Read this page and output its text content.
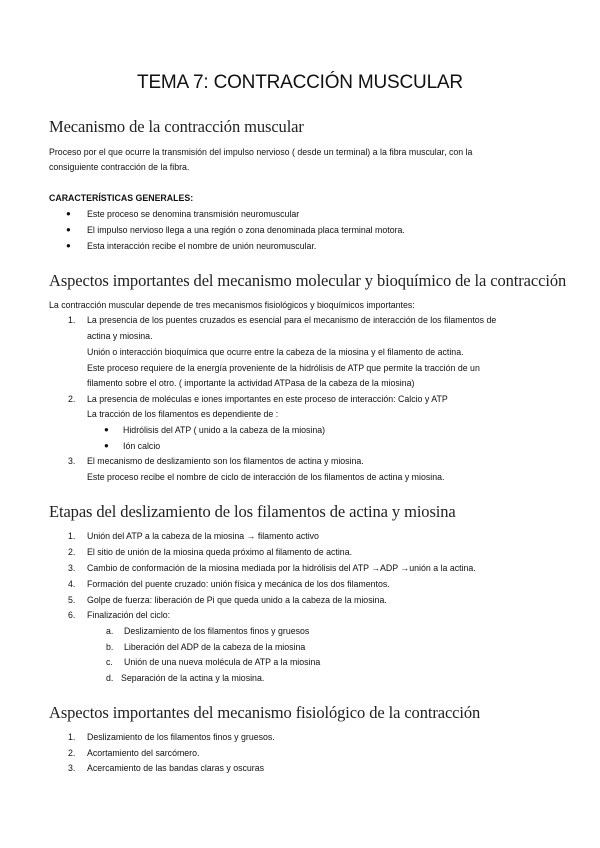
TEMA 7: CONTRACCIÓN MUSCULAR
Mecanismo de la contracción muscular
Proceso por el que ocurre la transmisión del impulso nervioso ( desde un terminal) a la fibra muscular, con la
consiguiente contracción de la fibra.
CARACTERÍSTICAS GENERALES:
● Este proceso se denomina transmisión neuromuscular
● El impulso nervioso llega a una región o zona denominada placa terminal motora.
● Esta interacción recibe el nombre de unión neuromuscular.
Aspectos importantes del mecanismo molecular y bioquímico de la contracción
La contracción muscular depende de tres mecanismos fisiológicos y bioquímicos importantes:
1. La presencia de los puentes cruzados es esencial para el mecanismo de interacción de los filamentos de
actina y miosina.
Unión o interacción bioquímica que ocurre entre la cabeza de la miosina y el filamento de actina.
Este proceso requiere de la energía proveniente de la hidrólisis de ATP que permite la tracción de un
filamento sobre el otro. ( importante la actividad ATPasa de la cabeza de la miosina)
2. La presencia de moléculas e iones importantes en este proceso de interacción: Calcio y ATP
La tracción de los filamentos es dependiente de :
● Hidrólisis del ATP ( unido a la cabeza de la miosina)
● Ión calcio
3. El mecanismo de deslizamiento son los filamentos de actina y miosina.
Este proceso recibe el nombre de ciclo de interacción de los filamentos de actina y miosina.
Etapas del deslizamiento de los filamentos de actina y miosina
1. Unión del ATP a la cabeza de la miosina → filamento activo
2. El sitio de unión de la miosina queda próximo al filamento de actina.
3. Cambio de conformación de la miosina mediada por la hidrólisis del ATP →ADP →unión a la actina.
4. Formación del puente cruzado: unión física y mecánica de los dos filamentos.
5. Golpe de fuerza: liberación de Pi que queda unido a la cabeza de la miosina.
6. Finalización del ciclo:
a. Deslizamiento de los filamentos finos y gruesos
b. Liberación del ADP de la cabeza de la miosina
c. Unión de una nueva molécula de ATP a la miosina
d. Separación de la actina y la miosina.
Aspectos importantes del mecanismo fisiológico de la contracción
1. Deslizamiento de los filamentos finos y gruesos.
2. Acortamiento del sarcómero.
3. Acercamiento de las bandas claras y oscuras
